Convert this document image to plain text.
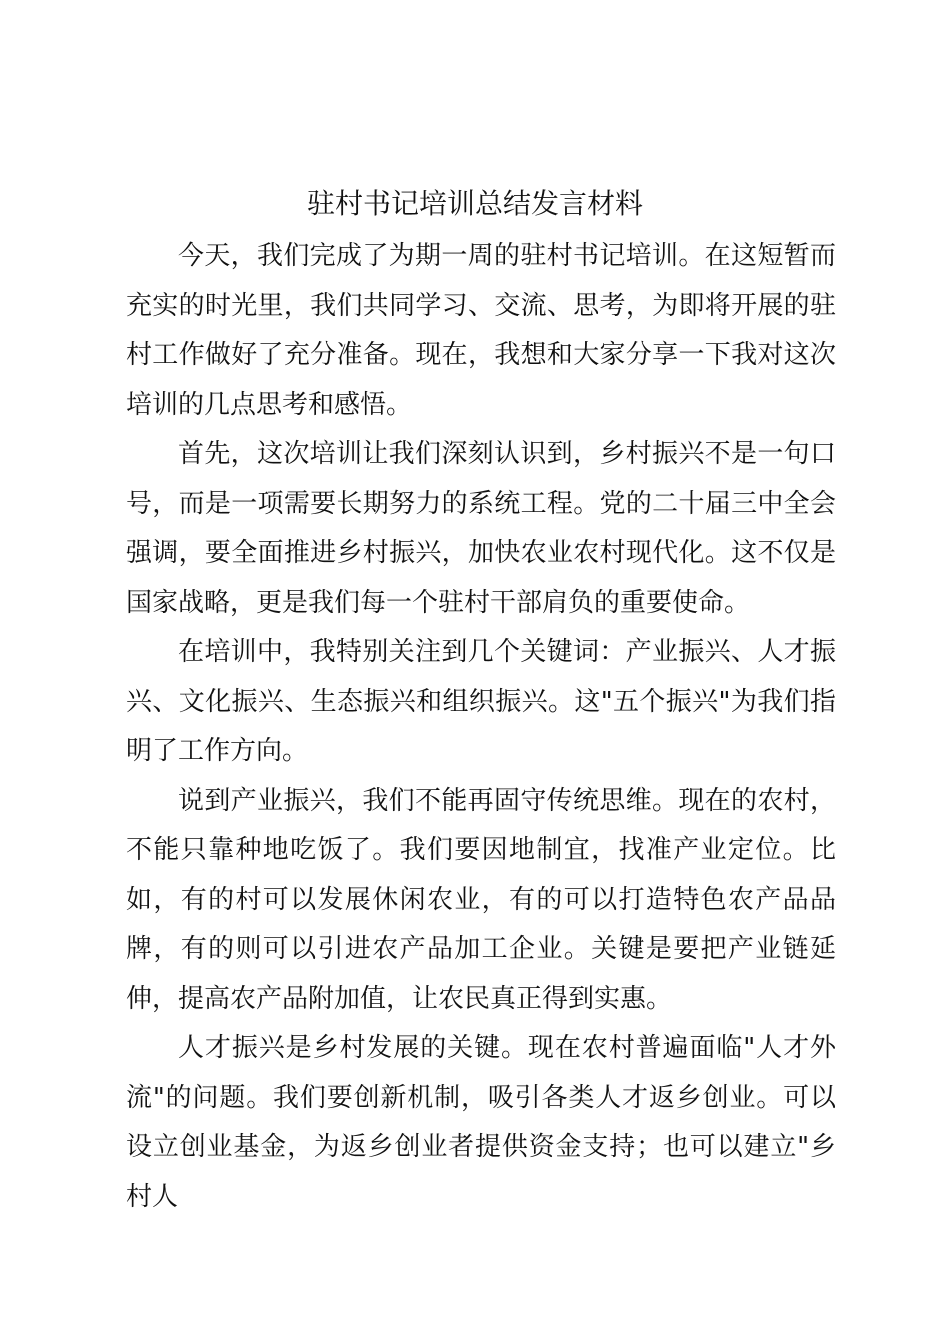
驻村书记培训总结发言材料

今天，我们完成了为期一周的驻村书记培训。在这短暂而充实的时光里，我们共同学习、交流、思考，为即将开展的驻村工作做好了充分准备。现在，我想和大家分享一下我对这次培训的几点思考和感悟。

首先，这次培训让我们深刻认识到，乡村振兴不是一句口号，而是一项需要长期努力的系统工程。党的二十届三中全会强调，要全面推进乡村振兴，加快农业农村现代化。这不仅是国家战略，更是我们每一个驻村干部肩负的重要使命。

在培训中，我特别关注到几个关键词：产业振兴、人才振兴、文化振兴、生态振兴和组织振兴。这"五个振兴"为我们指明了工作方向。

说到产业振兴，我们不能再固守传统思维。现在的农村，不能只靠种地吃饭了。我们要因地制宜，找准产业定位。比如，有的村可以发展休闲农业，有的可以打造特色农产品品牌，有的则可以引进农产品加工企业。关键是要把产业链延伸，提高农产品附加值，让农民真正得到实惠。

人才振兴是乡村发展的关键。现在农村普遍面临"人才外流"的问题。我们要创新机制，吸引各类人才返乡创业。可以设立创业基金，为返乡创业者提供资金支持；也可以建立"乡村人
